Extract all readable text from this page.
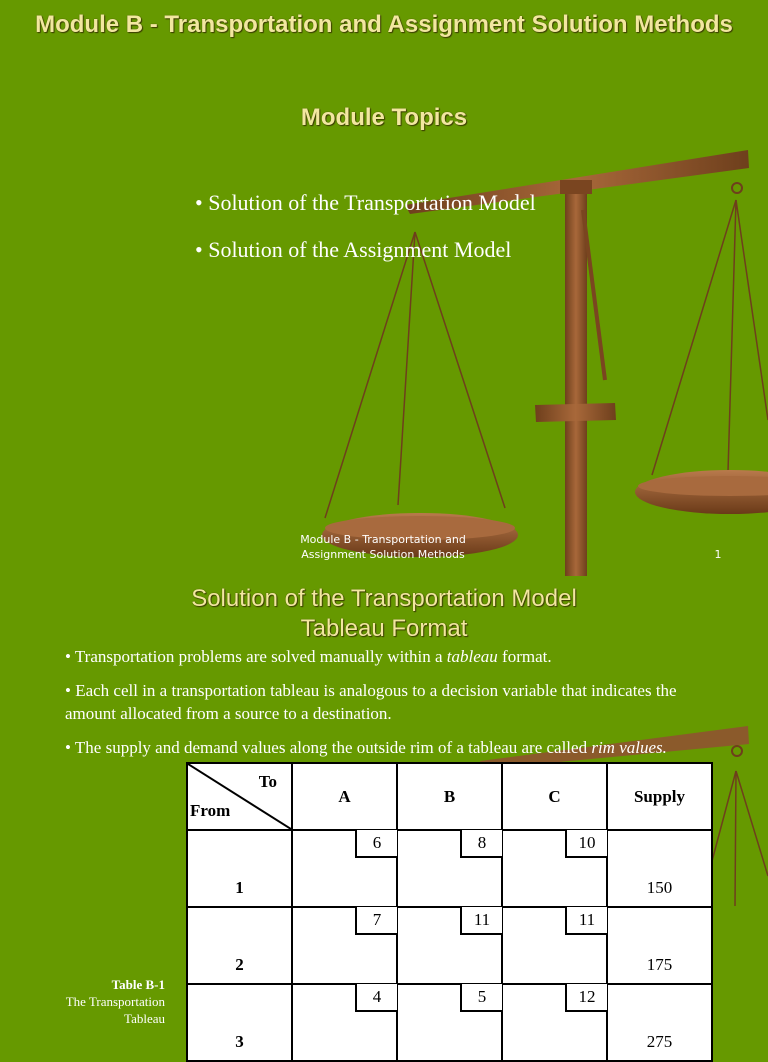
Module B - Transportation and Assignment Solution Methods
Module Topics
• Solution of the Transportation Model
• Solution of the Assignment Model
Module B - Transportation and
Assignment Solution Methods	1
Solution of the Transportation Model
Tableau Format

• Transportation problems are solved manually within a tableau format.

• Each cell in a transportation tableau is analogous to a decision variable that indicates the amount allocated from a source to a destination.

• The supply and demand values along the outside rim of a tableau are called rim values.

To
From	A	B	C	Supply
1	6	8	10	150
2	7	11	11	175
3	4	5	12	275
Table B-1
The Transportation
Tableau
